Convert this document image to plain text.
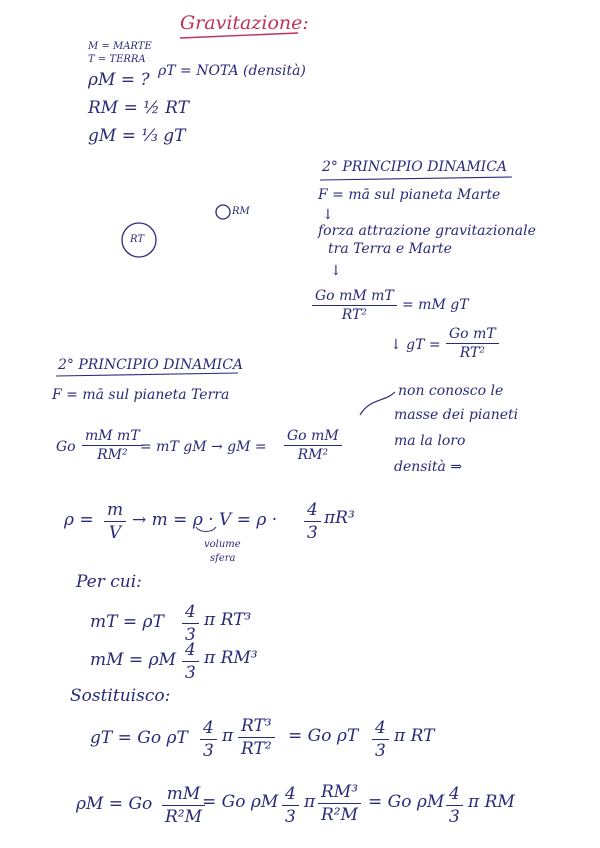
Gravitazione:
M = MARTE
T = TERRA
ρM = ? ρT = NOTA (densità)
RM = ½ RT
gM = ⅓ gT
RT
RM
2° PRINCIPIO DINAMICA
F = mā sul pianeta Marte
↓
forza attrazione gravitazionale
tra Terra e Marte
↓
$\frac{\text{Go mM mT}}{\text{RT²}}$ = mM gT
↓ gT = $\frac{\text{Go mT}}{\text{RT²}}$
2° PRINCIPIO DINAMICA
F = mā sul pianeta Terra
Go $\frac{\text{mM mT}}{\text{RM²}}$
= mT gM → gM = $\frac{\text{Go mM}}{\text{RM²}}$
non conosco le
masse dei pianeti
ma la loro
densità ⇒
$\rho = \frac{m}{V} \to m = \rho \cdot V = \rho \cdot \frac{4}{3} \pi R^3$
volume
sfera
Per cui:
mT = ρT $\frac{4}{3}$ π RT³
mM = ρM $\frac{4}{3}$ π RM³
Sostituisco:
gT = Go ρT $\frac{4}{3}$ π $\frac{\text{RT³}}{\text{RT²}} = Go$ ρT $\frac{4}{3}$ π RT
ρM = Go $\frac{mM}{\text{R²M}}$
= Go ρM $\frac{4}{3}$ π $\frac{\text{RM³}}{\text{R²M}} = Go$ ρM $\frac{4}{3}$ π RM
